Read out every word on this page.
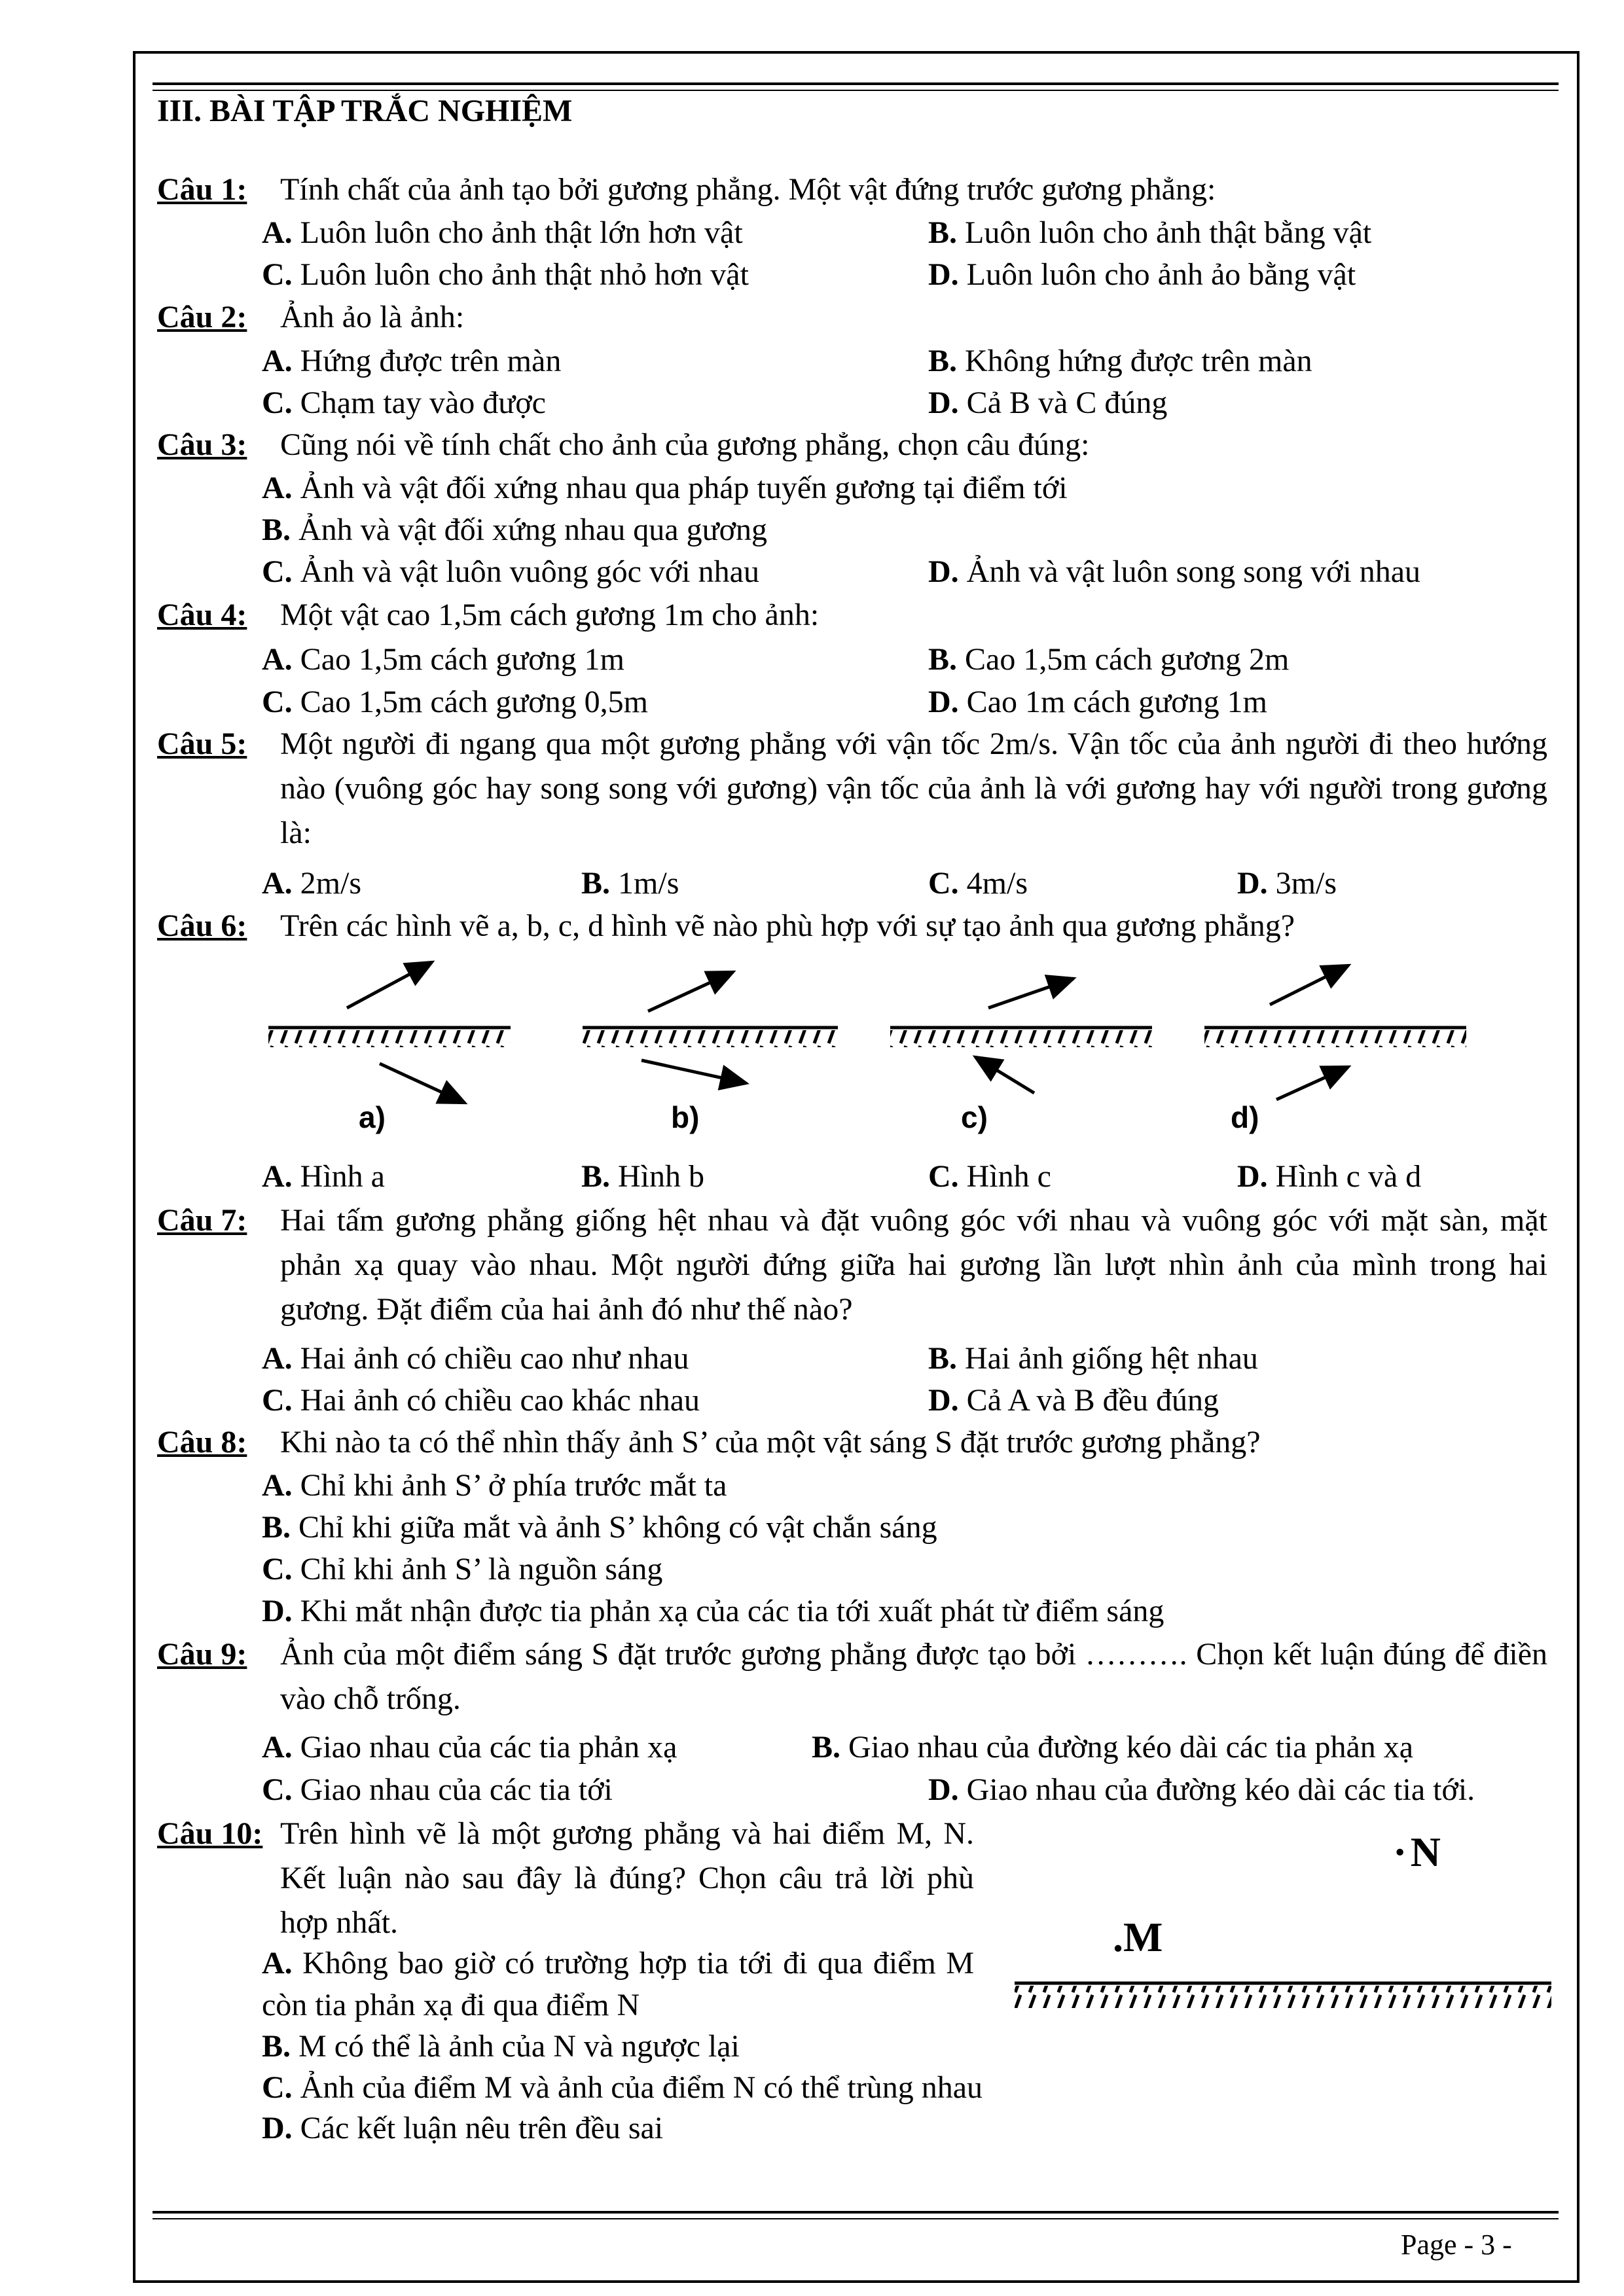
III. BÀI TẬP TRẮC NGHIỆM
Câu 1: Tính chất của ảnh tạo bởi gương phẳng. Một vật đứng trước gương phẳng:
A. Luôn luôn cho ảnh thật lớn hơn vật	B. Luôn luôn cho ảnh thật bằng vật
C. Luôn luôn cho ảnh thật nhỏ hơn vật	D. Luôn luôn cho ảnh ảo bằng vật
Câu 2: Ảnh ảo là ảnh:
A. Hứng được trên màn	B. Không hứng được trên màn
C. Chạm tay vào được	D. Cả B và C đúng
Câu 3: Cũng nói về tính chất cho ảnh của gương phẳng, chọn câu đúng:
A. Ảnh và vật đối xứng nhau qua pháp tuyến gương tại điểm tới
B. Ảnh và vật đối xứng nhau qua gương
C. Ảnh và vật luôn vuông góc với nhau	D. Ảnh và vật luôn song song với nhau
Câu 4: Một vật cao 1,5m cách gương 1m cho ảnh:
A. Cao 1,5m cách gương 1m	B. Cao 1,5m cách gương 2m
C. Cao 1,5m cách gương 0,5m	D. Cao 1m cách gương 1m
Câu 5: Một người đi ngang qua một gương phẳng với vận tốc 2m/s. Vận tốc của ảnh người đi theo hướng nào (vuông góc hay song song với gương) vận tốc của ảnh là với gương hay với người trong gương là:
A. 2m/s	B. 1m/s	C. 4m/s	D. 3m/s
Câu 6: Trên các hình vẽ a, b, c, d hình vẽ nào phù hợp với sự tạo ảnh qua gương phẳng?
a)	b)	c)	d)
A. Hình a	B. Hình b	C. Hình c	D. Hình c và d
Câu 7: Hai tấm gương phẳng giống hệt nhau và đặt vuông góc với nhau và vuông góc với mặt sàn, mặt phản xạ quay vào nhau. Một người đứng giữa hai gương lần lượt nhìn ảnh của mình trong hai gương. Đặt điểm của hai ảnh đó như thế nào?
A. Hai ảnh có chiều cao như nhau	B. Hai ảnh giống hệt nhau
C. Hai ảnh có chiều cao khác nhau	D. Cả A và B đều đúng
Câu 8: Khi nào ta có thể nhìn thấy ảnh S’ của một vật sáng S đặt trước gương phẳng?
A. Chỉ khi ảnh S’ ở phía trước mắt ta
B. Chỉ khi giữa mắt và ảnh S’ không có vật chắn sáng
C. Chỉ khi ảnh S’ là nguồn sáng
D. Khi mắt nhận được tia phản xạ của các tia tới xuất phát từ điểm sáng
Câu 9: Ảnh của một điểm sáng S đặt trước gương phẳng được tạo bởi ………. Chọn kết luận đúng để điền vào chỗ trống.
A. Giao nhau của các tia phản xạ	B. Giao nhau của đường kéo dài các tia phản xạ
C. Giao nhau của các tia tới	D. Giao nhau của đường kéo dài các tia tới.
Câu 10: Trên hình vẽ là một gương phẳng và hai điểm M, N. Kết luận nào sau đây là đúng? Chọn câu trả lời phù hợp nhất.
A. Không bao giờ có trường hợp tia tới đi qua điểm M còn tia phản xạ đi qua điểm N
B. M có thể là ảnh của N và ngược lại
C. Ảnh của điểm M và ảnh của điểm N có thể trùng nhau
D. Các kết luận nêu trên đều sai
· N
.M
Page - 3 -
